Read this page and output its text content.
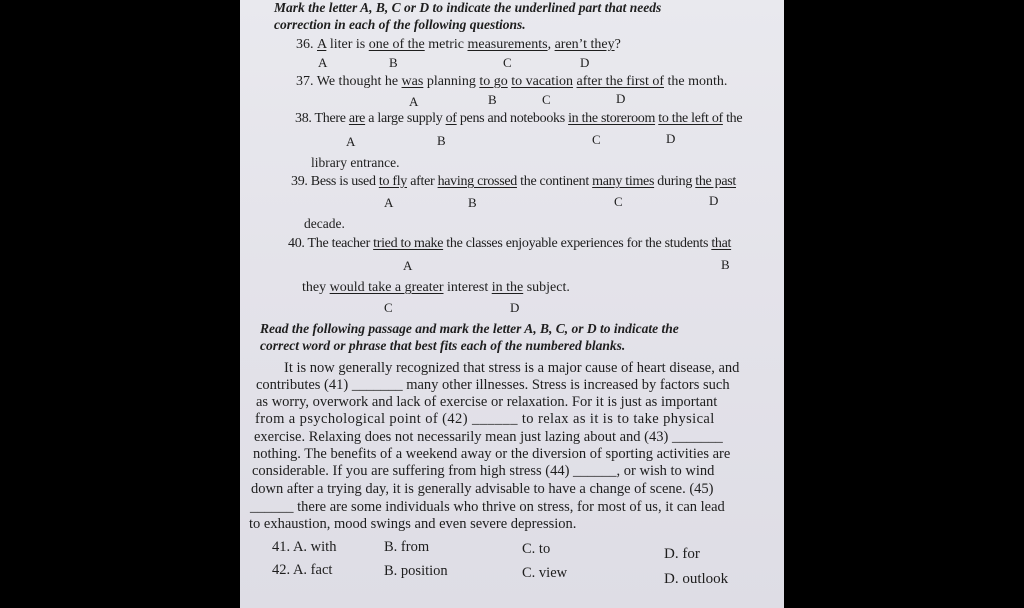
Mark the letter A, B, C or D to indicate the underlined part that needs
correction in each of the following questions.
36. A liter is one of the metric measurements, aren’t they?
A	B	C	D
37. We thought he was planning to go to vacation after the first of the month.
A	B	C	D
38. There are a large supply of pens and notebooks in the storeroom to the left of the
A	B	C	D
library entrance.
39. Bess is used to fly after having crossed the continent many times during the past
A	B	C	D
decade.
40. The teacher tried to make the classes enjoyable experiences for the students that
A	B
they would take a greater interest in the subject.
C	D
Read the following passage and mark the letter A, B, C, or D to indicate the
correct word or phrase that best fits each of the numbered blanks.
It is now generally recognized that stress is a major cause of heart disease, and
contributes (41) _______ many other illnesses. Stress is increased by factors such
as worry, overwork and lack of exercise or relaxation. For it is just as important
from a psychological point of (42) ______ to relax as it is to take physical
exercise. Relaxing does not necessarily mean just lazing about and (43) _______
nothing. The benefits of a weekend away or the diversion of sporting activities are
considerable. If you are suffering from high stress (44) ______, or wish to wind
down after a trying day, it is generally advisable to have a change of scene. (45)
______ there are some individuals who thrive on stress, for most of us, it can lead
to exhaustion, mood swings and even severe depression.
41. A. with	B. from	C. to	D. for
42. A. fact	B. position	C. view	D. outlook
